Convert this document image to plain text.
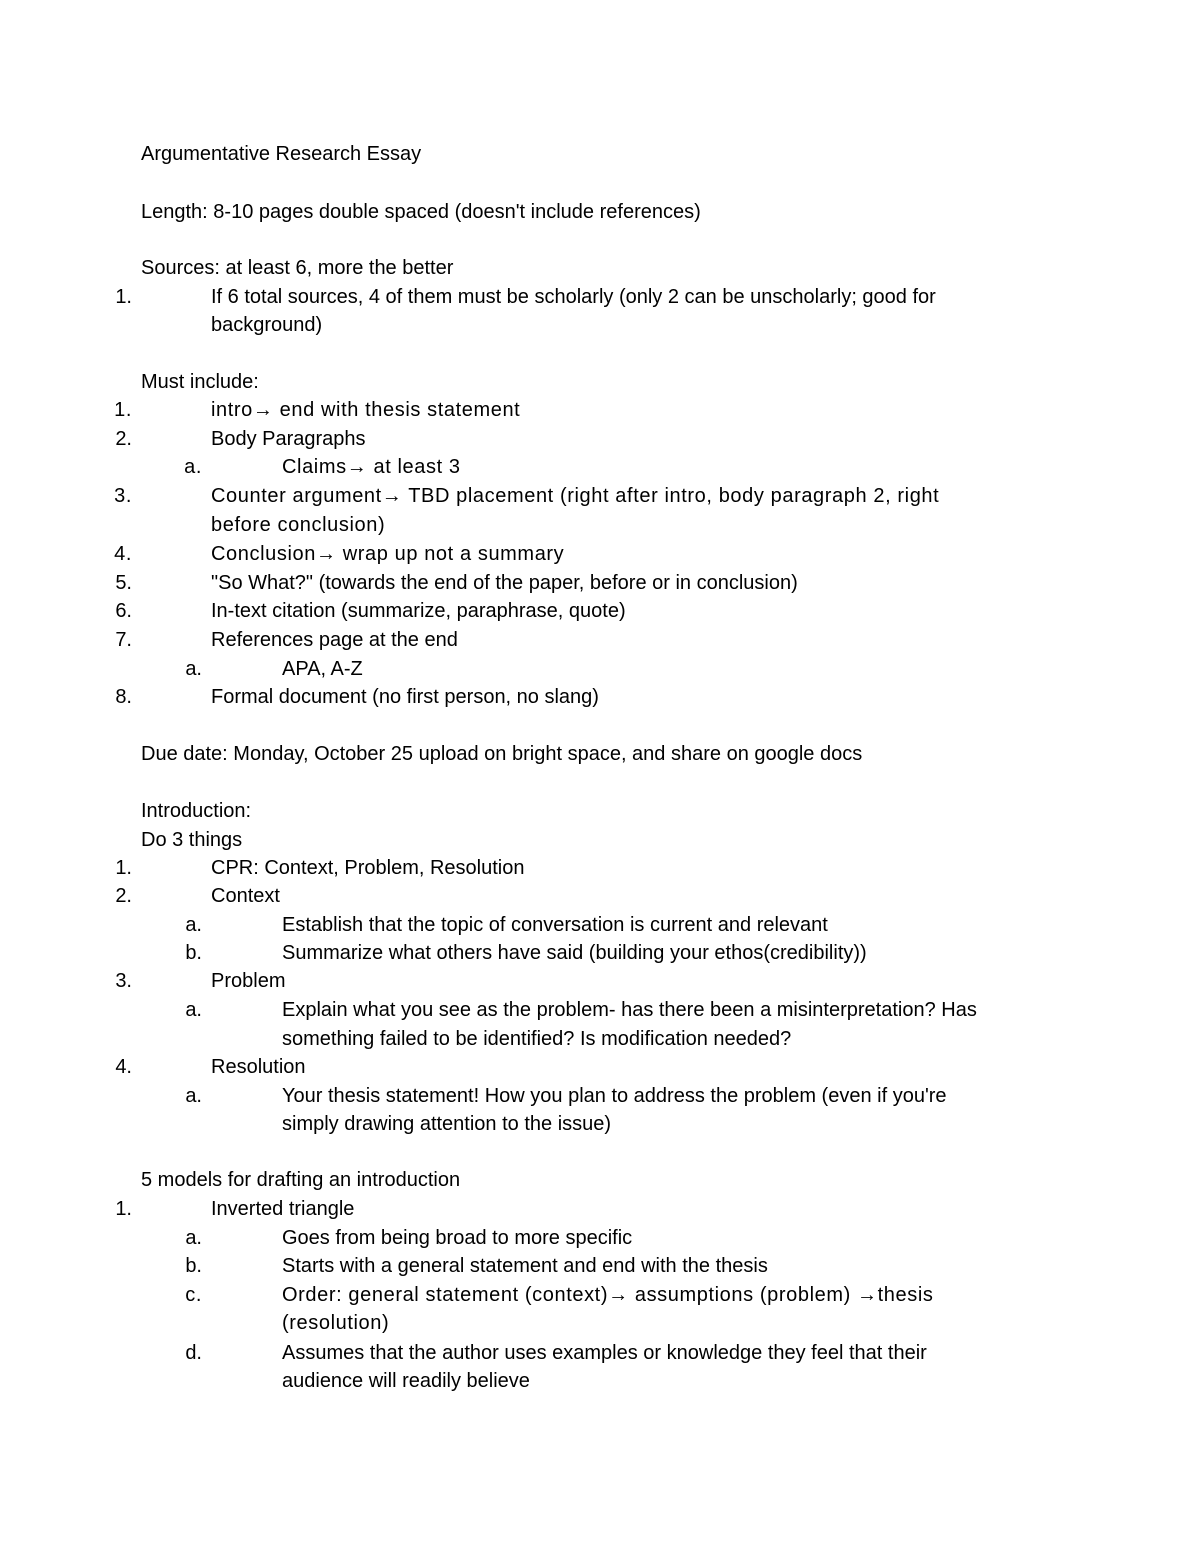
Argumentative Research Essay
Length: 8-10 pages double spaced (doesn't include references)
Sources: at least 6, more the better
1.	If 6 total sources, 4 of them must be scholarly (only 2 can be unscholarly; good for
background)
Must include:
1.	intro→ end with thesis statement
2.	Body Paragraphs
a.	Claims→ at least 3
3.	Counter argument→ TBD placement (right after intro, body paragraph 2, right
before conclusion)
4.	Conclusion→ wrap up not a summary
5.	"So What?" (towards the end of the paper, before or in conclusion)
6.	In-text citation (summarize, paraphrase, quote)
7.	References page at the end
a.	APA, A-Z
8.	Formal document (no first person, no slang)
Due date: Monday, October 25 upload on bright space, and share on google docs
Introduction:
Do 3 things
1.	CPR: Context, Problem, Resolution
2.	Context
a.	Establish that the topic of conversation is current and relevant
b.	Summarize what others have said (building your ethos(credibility))
3.	Problem
a.	Explain what you see as the problem- has there been a misinterpretation? Has
something failed to be identified? Is modification needed?
4.	Resolution
a.	Your thesis statement! How you plan to address the problem (even if you're
simply drawing attention to the issue)
5 models for drafting an introduction
1.	Inverted triangle
a.	Goes from being broad to more specific
b.	Starts with a general statement and end with the thesis
c.	Order: general statement (context)→ assumptions (problem) →thesis
(resolution)
d.	Assumes that the author uses examples or knowledge they feel that their
audience will readily believe
